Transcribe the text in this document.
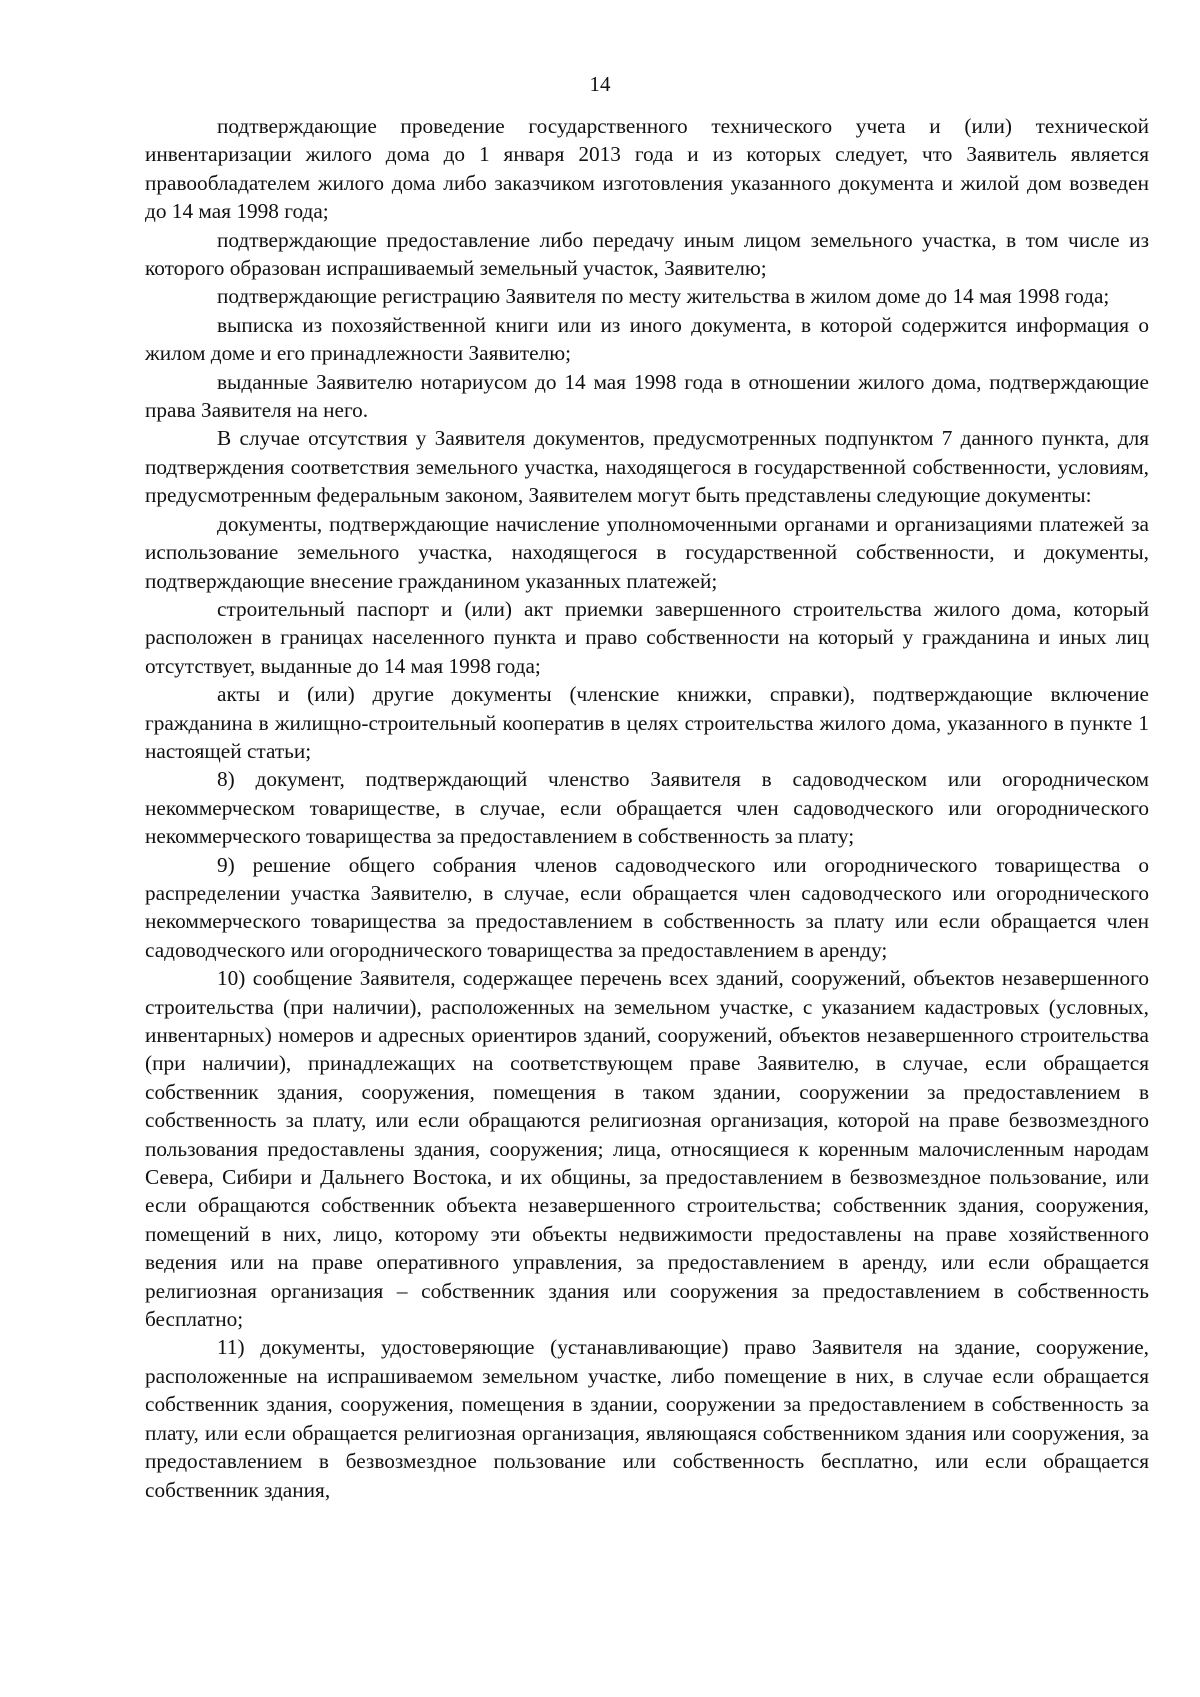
14

подтверждающие проведение государственного технического учета и (или) технической инвентаризации жилого дома до 1 января 2013 года и из которых следует, что Заявитель является правообладателем жилого дома либо заказчиком изготовления указанного документа и жилой дом возведен до 14 мая 1998 года;

подтверждающие предоставление либо передачу иным лицом земельного участка, в том числе из которого образован испрашиваемый земельный участок, Заявителю;

подтверждающие регистрацию Заявителя по месту жительства в жилом доме до 14 мая 1998 года;

выписка из похозяйственной книги или из иного документа, в которой содержится информация о жилом доме и его принадлежности Заявителю;

выданные Заявителю нотариусом до 14 мая 1998 года в отношении жилого дома, подтверждающие права Заявителя на него.

В случае отсутствия у Заявителя документов, предусмотренных подпунктом 7 данного пункта, для подтверждения соответствия земельного участка, находящегося в государственной собственности, условиям, предусмотренным федеральным законом, Заявителем могут быть представлены следующие документы:

документы, подтверждающие начисление уполномоченными органами и организациями платежей за использование земельного участка, находящегося в государственной собственности, и документы, подтверждающие внесение гражданином указанных платежей;

строительный паспорт и (или) акт приемки завершенного строительства жилого дома, который расположен в границах населенного пункта и право собственности на который у гражданина и иных лиц отсутствует, выданные до 14 мая 1998 года;

акты и (или) другие документы (членские книжки, справки), подтверждающие включение гражданина в жилищно-строительный кооператив в целях строительства жилого дома, указанного в пункте 1 настоящей статьи;

8) документ, подтверждающий членство Заявителя в садоводческом или огородническом некоммерческом товариществе, в случае, если обращается член садоводческого или огороднического некоммерческого товарищества за предоставлением в собственность за плату;

9) решение общего собрания членов садоводческого или огороднического товарищества о распределении участка Заявителю, в случае, если обращается член садоводческого или огороднического некоммерческого товарищества за предоставлением в собственность за плату или если обращается член садоводческого или огороднического товарищества за предоставлением в аренду;

10) сообщение Заявителя, содержащее перечень всех зданий, сооружений, объектов незавершенного строительства (при наличии), расположенных на земельном участке, с указанием кадастровых (условных, инвентарных) номеров и адресных ориентиров зданий, сооружений, объектов незавершенного строительства (при наличии), принадлежащих на соответствующем праве Заявителю, в случае, если обращается собственник здания, сооружения, помещения в таком здании, сооружении за предоставлением в собственность за плату, или если обращаются религиозная организация, которой на праве безвозмездного пользования предоставлены здания, сооружения; лица, относящиеся к коренным малочисленным народам Севера, Сибири и Дальнего Востока, и их общины, за предоставлением в безвозмездное пользование, или если обращаются собственник объекта незавершенного строительства; собственник здания, сооружения, помещений в них, лицо, которому эти объекты недвижимости предоставлены на праве хозяйственного ведения или на праве оперативного управления, за предоставлением в аренду, или если обращается религиозная организация – собственник здания или сооружения за предоставлением в собственность бесплатно;

11) документы, удостоверяющие (устанавливающие) право Заявителя на здание, сооружение, расположенные на испрашиваемом земельном участке, либо помещение в них, в случае если обращается собственник здания, сооружения, помещения в здании, сооружении за предоставлением в собственность за плату, или если обращается религиозная организация, являющаяся собственником здания или сооружения, за предоставлением в безвозмездное пользование или собственность бесплатно, или если обращается собственник здания,
